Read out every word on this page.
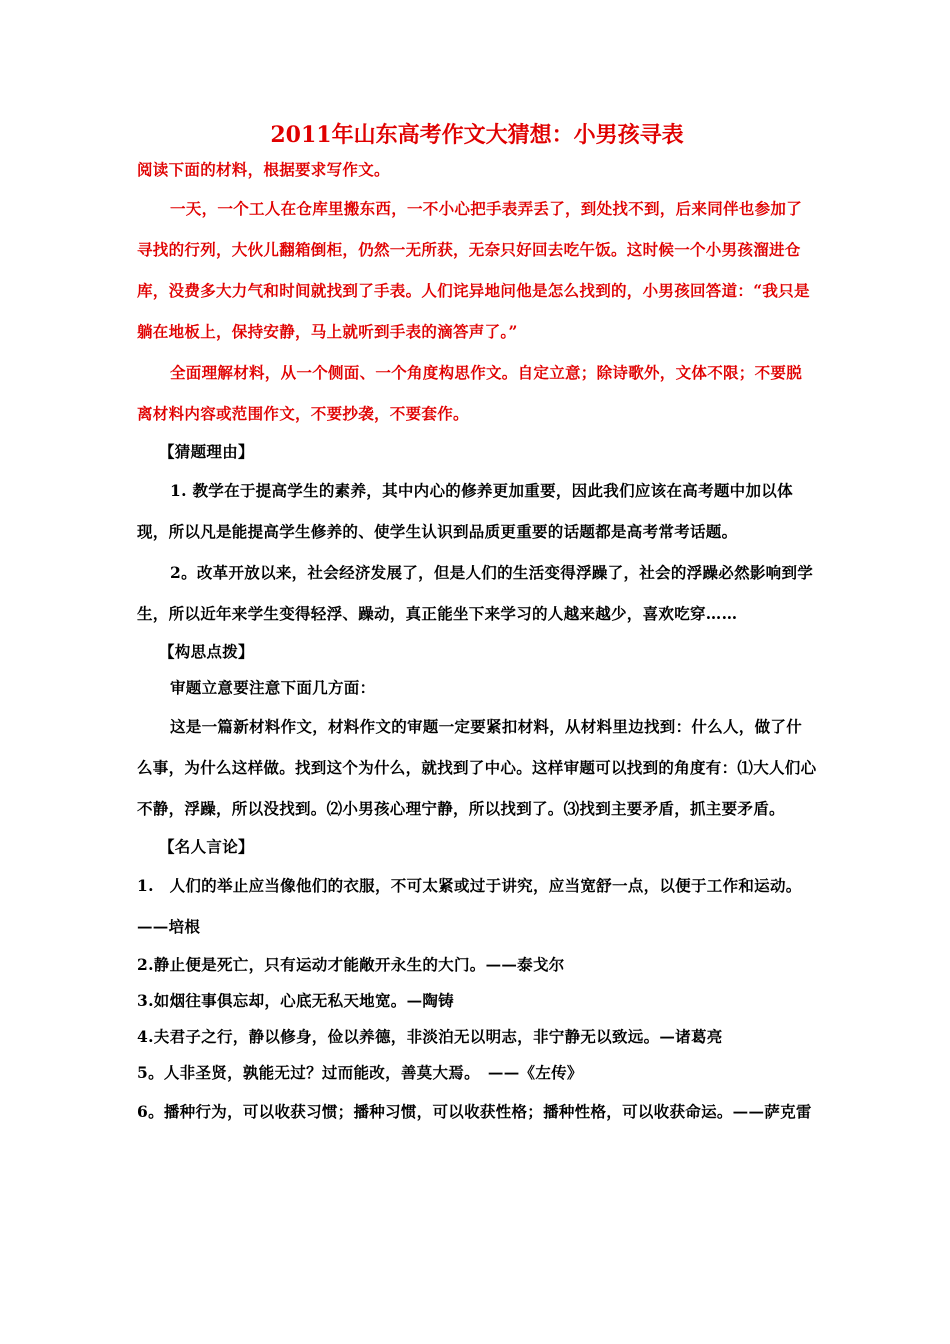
2011年山东高考作文大猜想：小男孩寻表

阅读下面的材料，根据要求写作文。

一天，一个工人在仓库里搬东西，一不小心把手表弄丢了，到处找不到，后来同伴也参加了寻找的行列，大伙儿翻箱倒柜，仍然一无所获，无奈只好回去吃午饭。这时候一个小男孩溜进仓库，没费多大力气和时间就找到了手表。人们诧异地问他是怎么找到的，小男孩回答道：“我只是躺在地板上，保持安静，马上就听到手表的滴答声了。”

全面理解材料，从一个侧面、一个角度构思作文。自定立意；除诗歌外，文体不限；不要脱离材料内容或范围作文，不要抄袭，不要套作。

【猜题理由】

1. 教学在于提高学生的素养，其中内心的修养更加重要，因此我们应该在高考题中加以体现，所以凡是能提高学生修养的、使学生认识到品质更重要的话题都是高考常考话题。

2。改革开放以来，社会经济发展了，但是人们的生活变得浮躁了，社会的浮躁必然影响到学生，所以近年来学生变得轻浮、躁动，真正能坐下来学习的人越来越少，喜欢吃穿……

【构思点拨】

审题立意要注意下面几方面：

这是一篇新材料作文，材料作文的审题一定要紧扣材料，从材料里边找到：什么人，做了什么事，为什么这样做。找到这个为什么，就找到了中心。这样审题可以找到的角度有：⑴大人们心不静，浮躁，所以没找到。⑵小男孩心理宁静，所以找到了。⑶找到主要矛盾，抓主要矛盾。

【名人言论】

1.　人们的举止应当像他们的衣服，不可太紧或过于讲究，应当宽舒一点，以便于工作和运动。——培根

2.静止便是死亡，只有运动才能敞开永生的大门。——泰戈尔

3.如烟往事俱忘却，心底无私天地宽。—陶铸

4.夫君子之行，静以修身，俭以养德，非淡泊无以明志，非宁静无以致远。—诸葛亮

5。人非圣贤，孰能无过？过而能改，善莫大焉。　——《左传》

6。播种行为，可以收获习惯；播种习惯，可以收获性格；播种性格，可以收获命运。——萨克雷
